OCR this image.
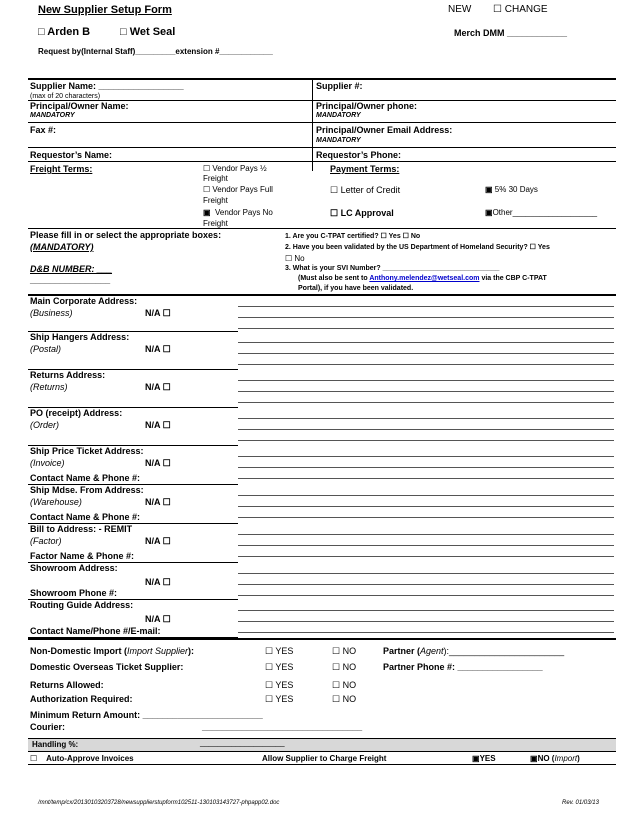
New Supplier Setup Form	NEW ☐ CHANGE
□ Arden B	□ Wet Seal	Merch DMM ____________
Request by(Internal Staff)_________extension #____________
Supplier Name: _________________
(max of 20 characters)
Supplier #:
Principal/Owner Name:
MANDATORY
Principal/Owner phone:
MANDATORY
Fax #:	Principal/Owner Email Address:
MANDATORY
Requestor’s Name:	Requestor’s Phone:
Freight Terms:	☐ Vendor Pays ½
Freight
☐ Vendor Pays Full
Freight
▣ Vendor Pays No
Freight
Payment Terms:
☐ Letter of Credit
☐ LC Approval
▣ 5% 30 Days
▣Other___________________
Please fill in or select the appropriate boxes:
(MANDATORY)
D&B NUMBER: ___
________________
1. Are you C-TPAT certified? ☐ Yes ☐ No
2. Have you been validated by the US Department of Homeland Security? ☐ Yes
☐ No
3. What is your SVI Number? ______________________________
(Must also be sent to Anthony.melendez@wetseal.com via the CBP C-TPAT
Portal), if you have been validated.
Main Corporate Address:
(Business)	N/A ☐
Ship Hangers Address:
(Postal)	N/A ☐
Returns Address:
(Returns)	N/A ☐
PO (receipt) Address:
(Order)	N/A ☐
Ship Price Ticket Address:
(Invoice)	N/A ☐
Contact Name & Phone #:
Ship Mdse. From Address:
(Warehouse)	N/A ☐
Contact Name & Phone #:
Bill to Address: - REMIT
(Factor)	N/A ☐
Factor Name & Phone #:
Showroom Address:
N/A ☐
Showroom Phone #:
Routing Guide Address:
N/A ☐
Contact Name/Phone #/E-mail:
Non-Domestic Import (Import Supplier):	☐ YES	☐ NO	Partner (Agent):_______________________
Domestic Overseas Ticket Supplier:	☐ YES	☐ NO	Partner Phone #: _________________
Returns Allowed:	☐ YES	☐ NO
Authorization Required:	☐ YES	☐ NO
Minimum Return Amount: ________________________
Courier:	________________________________
Handling %:	___________________
☐ Auto-Approve Invoices	Allow Supplier to Charge Freight	▣YES	▣NO (Import)
/mnt/temp/cx/20130103203728/newsupplierstupform102511-130103143727-phpapp02.doc	Rev. 01/03/13
